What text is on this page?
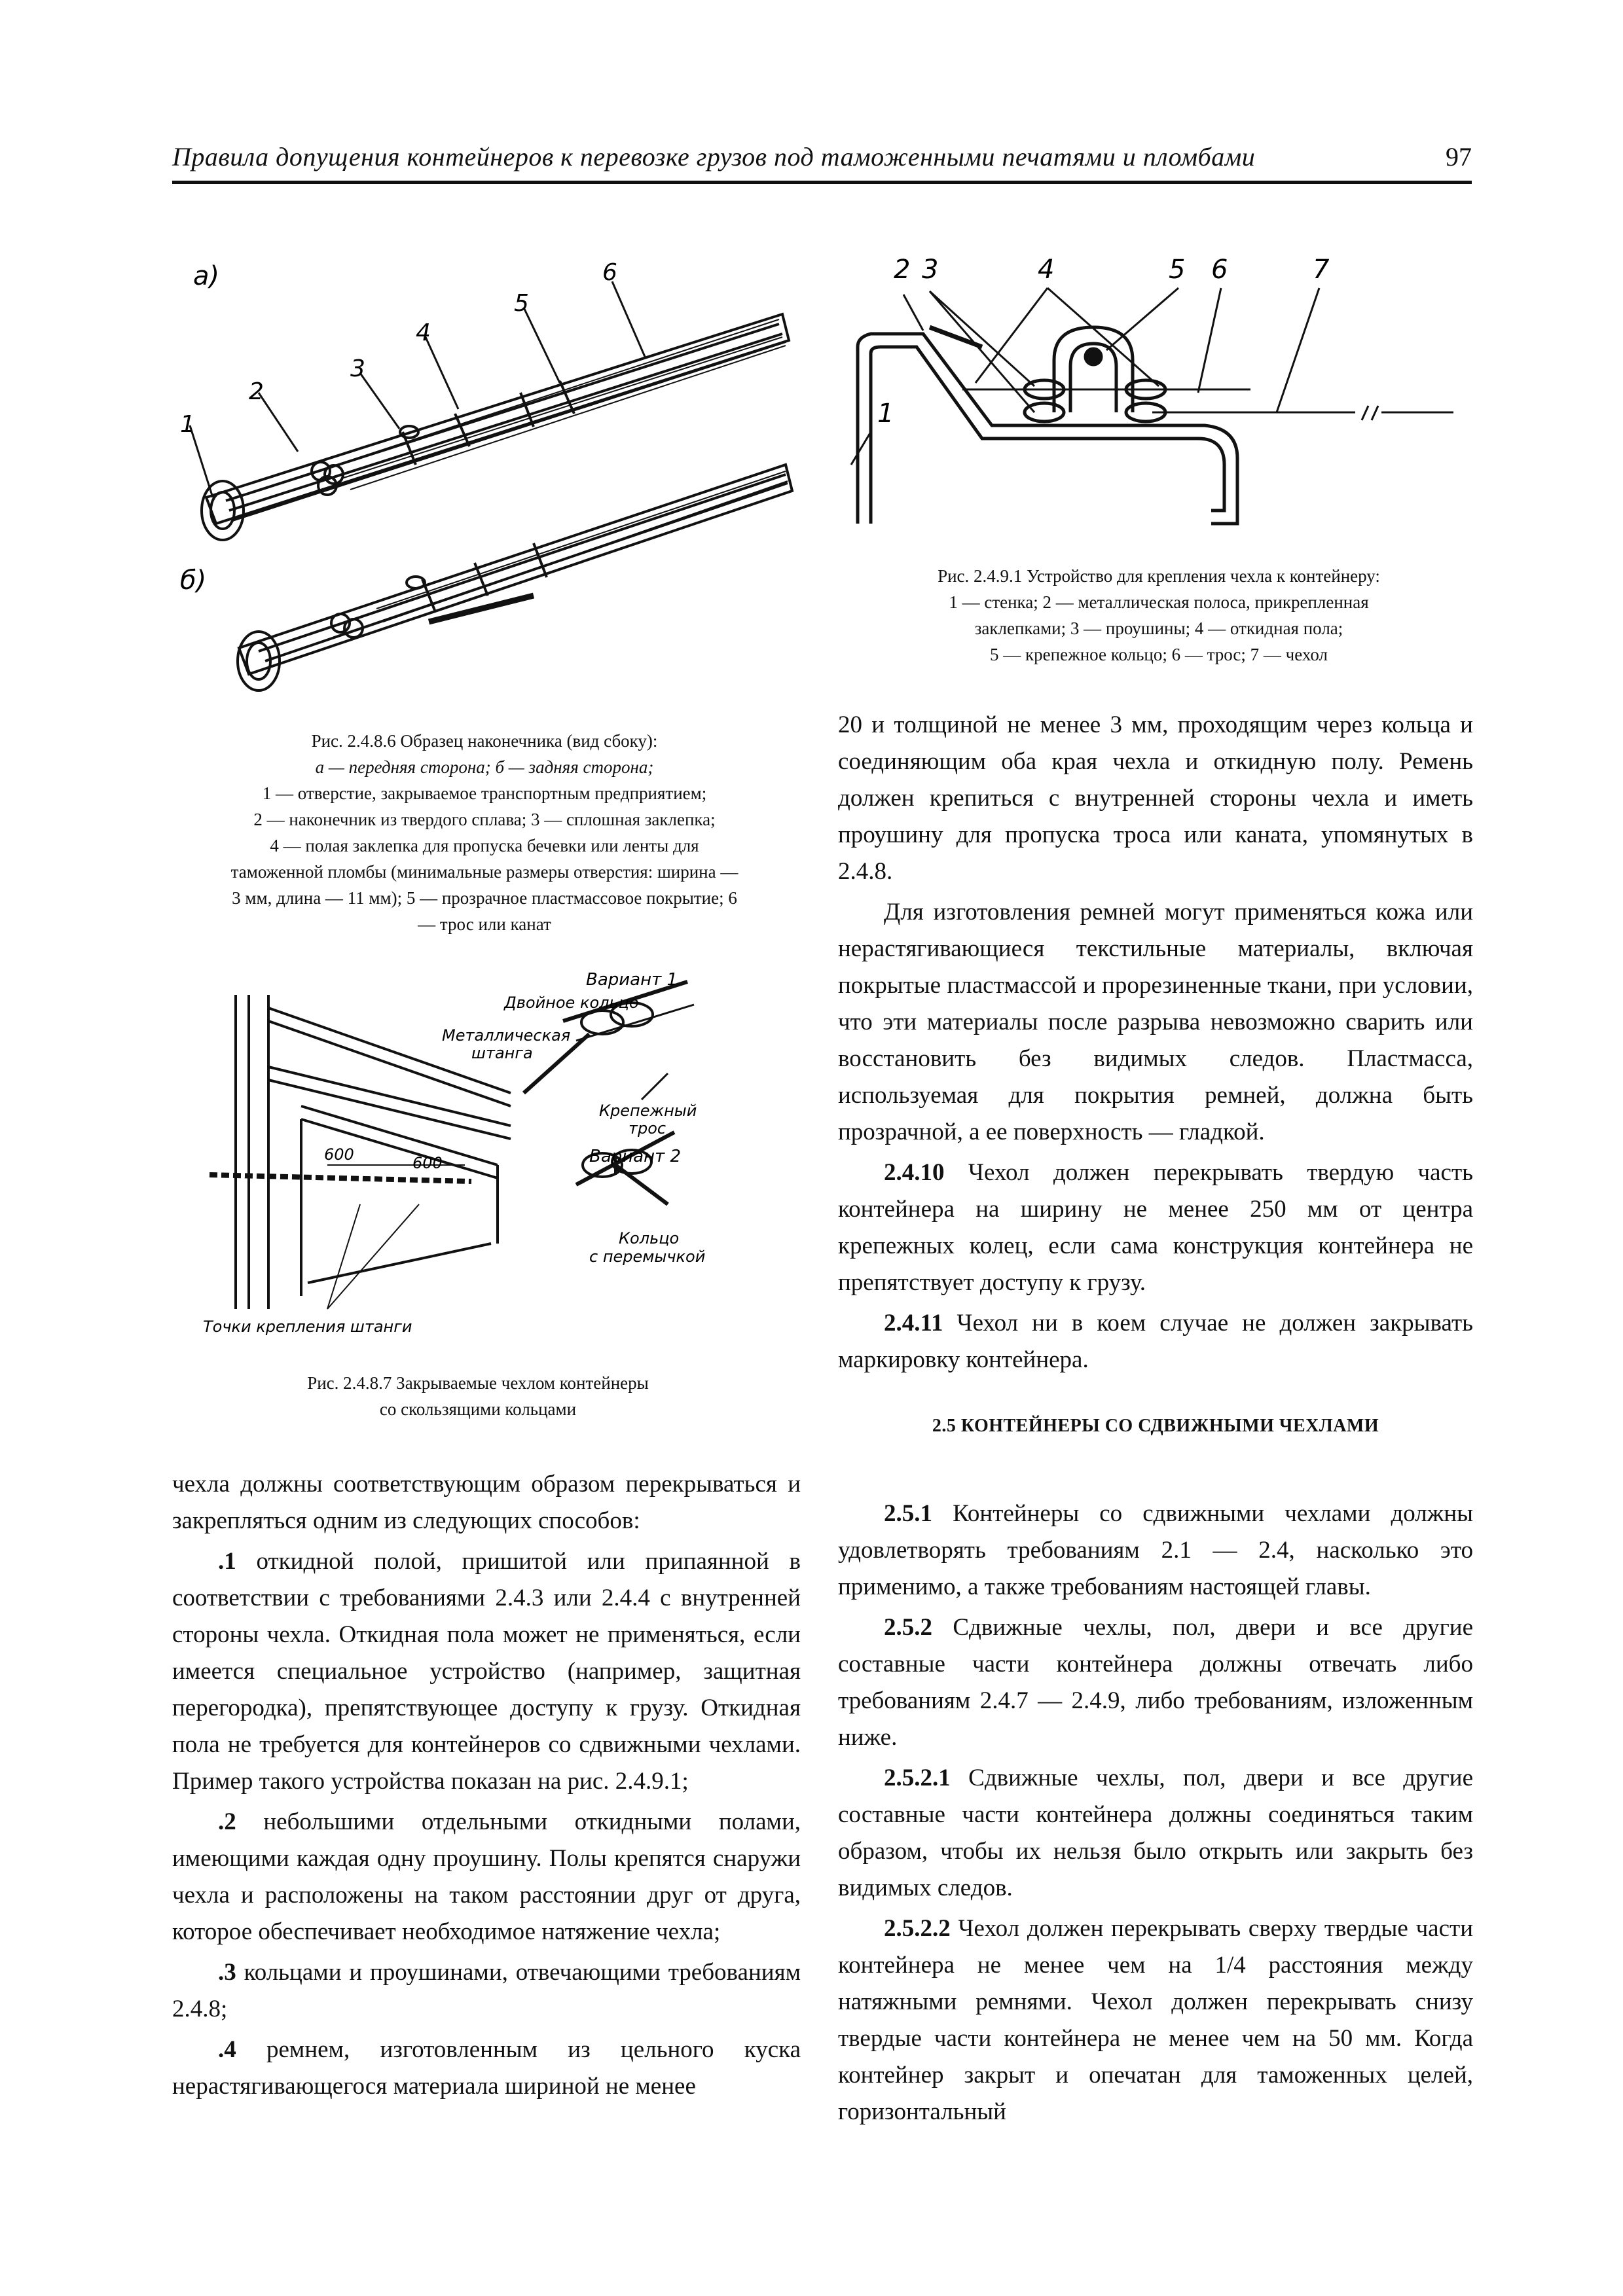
Правила допущения контейнеров к перевозке грузов под таможенными печатями и пломбами	97
а)
б)
1
2
3
4
5
6

Рис. 2.4.8.6 Образец наконечника (вид сбоку):

а — передняя сторона; б — задняя сторона;

1 — отверстие, закрываемое транспортным предприятием;

2 — наконечник из твердого сплава; 3 — сплошная заклепка;

4 — полая заклепка для пропуска бечевки или ленты для

таможенной пломбы (минимальные размеры отверстия: ширина —

3 мм, длина — 11 мм); 5 — прозрачное пластмассовое покрытие; 6

— трос или канат

2 3	4	5 6	7
1

Рис. 2.4.9.1 Устройство для крепления чехла к контейнеру:

1 — стенка; 2 — металлическая полоса, прикрепленная

заклепками; 3 — проушины; 4 — откидная пола;

5 — крепежное кольцо; 6 — трос; 7 — чехол

Вариант 1
Двойное кольцо
Металлическая
штанга
Крепежный
трос
Вариант 2
Кольцо
с перемычкой
Точки крепления штанги
600	600

Рис. 2.4.8.7 Закрываемые чехлом контейнеры

со скользящими кольцами

20 и толщиной не менее 3 мм, проходящим через кольца и соединяющим оба края чехла и откидную полу. Ремень должен крепиться с внутренней стороны чехла и иметь проушину для пропуска троса или каната, упомянутых в 2.4.8.

Для изготовления ремней могут применяться кожа или нерастягивающиеся текстильные материалы, включая покрытые пластмассой и прорезиненные ткани, при условии, что эти материалы после разрыва невозможно сварить или восстановить без видимых следов. Пластмасса, используемая для покрытия ремней, должна быть прозрачной, а ее поверхность — гладкой.

2.4.10 Чехол должен перекрывать твердую часть контейнера на ширину не менее 250 мм от центра крепежных колец, если сама конструкция контейнера не препятствует доступу к грузу.

2.4.11 Чехол ни в коем случае не должен закрывать маркировку контейнера.

2.5 КОНТЕЙНЕРЫ СО СДВИЖНЫМИ ЧЕХЛАМИ

2.5.1 Контейнеры со сдвижными чехлами должны удовлетворять требованиям 2.1 — 2.4, насколько это применимо, а также требованиям настоящей главы.

2.5.2 Сдвижные чехлы, пол, двери и все другие составные части контейнера должны отвечать либо требованиям 2.4.7 — 2.4.9, либо требованиям, изложенным ниже.

2.5.2.1 Сдвижные чехлы, пол, двери и все другие составные части контейнера должны соединяться таким образом, чтобы их нельзя было открыть или закрыть без видимых следов.

2.5.2.2 Чехол должен перекрывать сверху твердые части контейнера не менее чем на 1/4 расстояния между натяжными ремнями. Чехол должен перекрывать снизу твердые части контейнера не менее чем на 50 мм. Когда контейнер закрыт и опечатан для таможенных целей, горизонтальный

чехла должны соответствующим образом перекрываться и закрепляться одним из следующих способов:

.1 откидной полой, пришитой или припаянной в соответствии с требованиями 2.4.3 или 2.4.4 с внутренней стороны чехла. Откидная пола может не применяться, если имеется специальное устройство (например, защитная перегородка), препятствующее доступу к грузу. Откидная пола не требуется для контейнеров со сдвижными чехлами. Пример такого устройства показан на рис. 2.4.9.1;

.2 небольшими отдельными откидными полами, имеющими каждая одну проушину. Полы крепятся снаружи чехла и расположены на таком расстоянии друг от друга, которое обеспечивает необходимое натяжение чехла;

.3 кольцами и проушинами, отвечающими требованиям 2.4.8;

.4 ремнем, изготовленным из цельного куска нерастягивающегося материала шириной не менее
